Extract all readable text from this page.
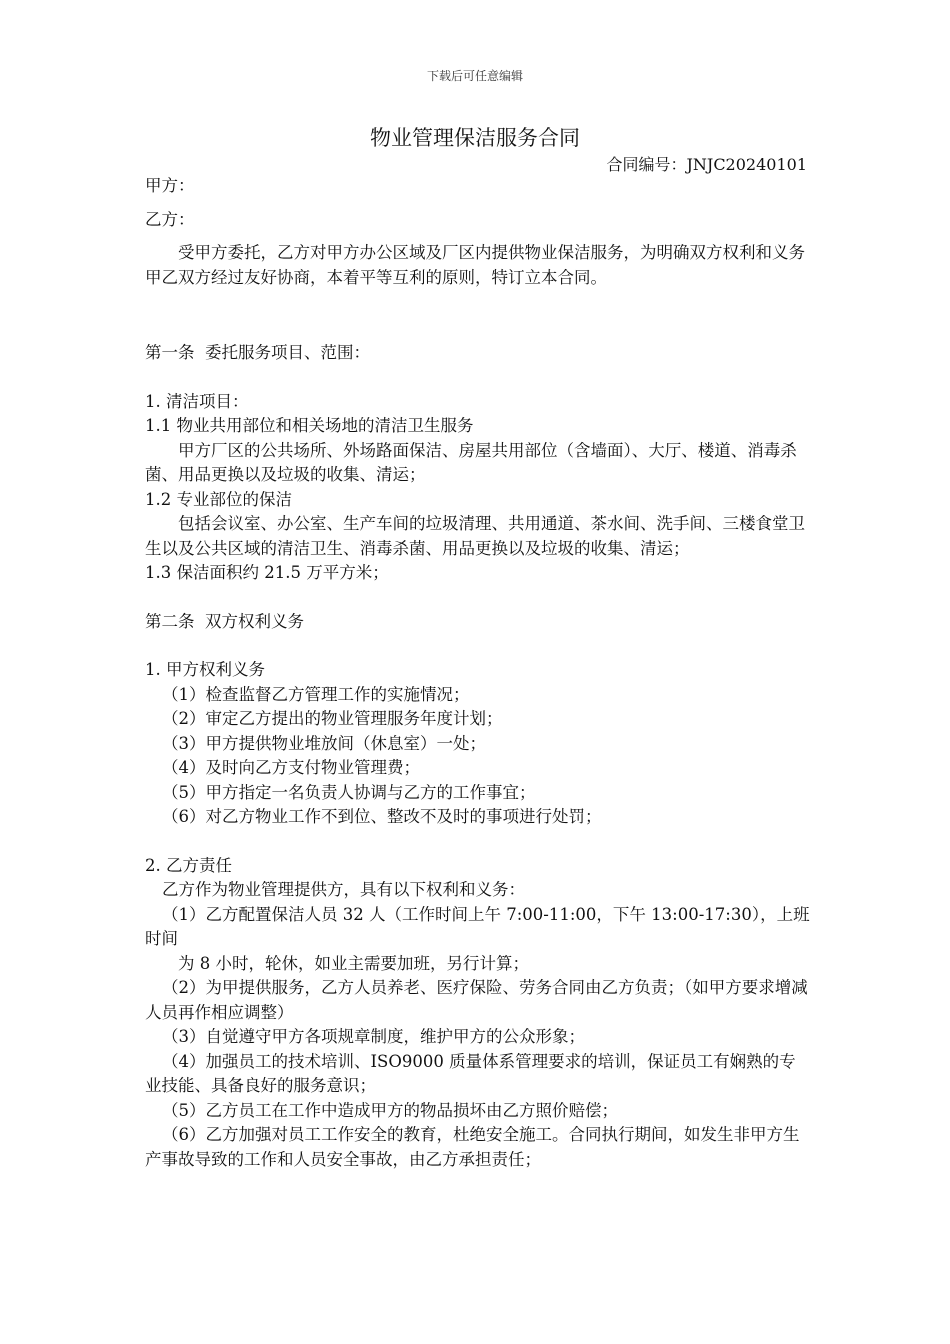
下载后可任意编辑
物业管理保洁服务合同
合同编号：JNJC20240101

甲方：

乙方：

受甲方委托，乙方对甲方办公区域及厂区内提供物业保洁服务，为明确双方权利和义务甲乙双方经过友好协商，本着平等互利的原则，特订立本合同。

第一条  委托服务项目、范围：

1. 清洁项目：

1.1 物业共用部位和相关场地的清洁卫生服务

甲方厂区的公共场所、外场路面保洁、房屋共用部位（含墙面）、大厅、楼道、消毒杀菌、用品更换以及垃圾的收集、清运；

1.2 专业部位的保洁

包括会议室、办公室、生产车间的垃圾清理、共用通道、茶水间、洗手间、三楼食堂卫生以及公共区域的清洁卫生、消毒杀菌、用品更换以及垃圾的收集、清运；

1.3 保洁面积约 21.5 万平方米；

第二条  双方权利义务

1. 甲方权利义务

（1）检查监督乙方管理工作的实施情况；

（2）审定乙方提出的物业管理服务年度计划；

（3）甲方提供物业堆放间（休息室）一处；

（4）及时向乙方支付物业管理费；

（5）甲方指定一名负责人协调与乙方的工作事宜；

（6）对乙方物业工作不到位、整改不及时的事项进行处罚；

2. 乙方责任

乙方作为物业管理提供方，具有以下权利和义务：

（1）乙方配置保洁人员 32 人（工作时间上午 7:00-11:00，下午 13:00-17:30），上班时间

为 8 小时，轮休，如业主需要加班，另行计算；

（2）为甲提供服务，乙方人员养老、医疗保险、劳务合同由乙方负责；（如甲方要求增减人员再作相应调整）

（3）自觉遵守甲方各项规章制度，维护甲方的公众形象；

（4）加强员工的技术培训、ISO9000 质量体系管理要求的培训，保证员工有娴熟的专业技能、具备良好的服务意识；

（5）乙方员工在工作中造成甲方的物品损坏由乙方照价赔偿；

（6）乙方加强对员工工作安全的教育，杜绝安全施工。合同执行期间，如发生非甲方生产事故导致的工作和人员安全事故，由乙方承担责任；
